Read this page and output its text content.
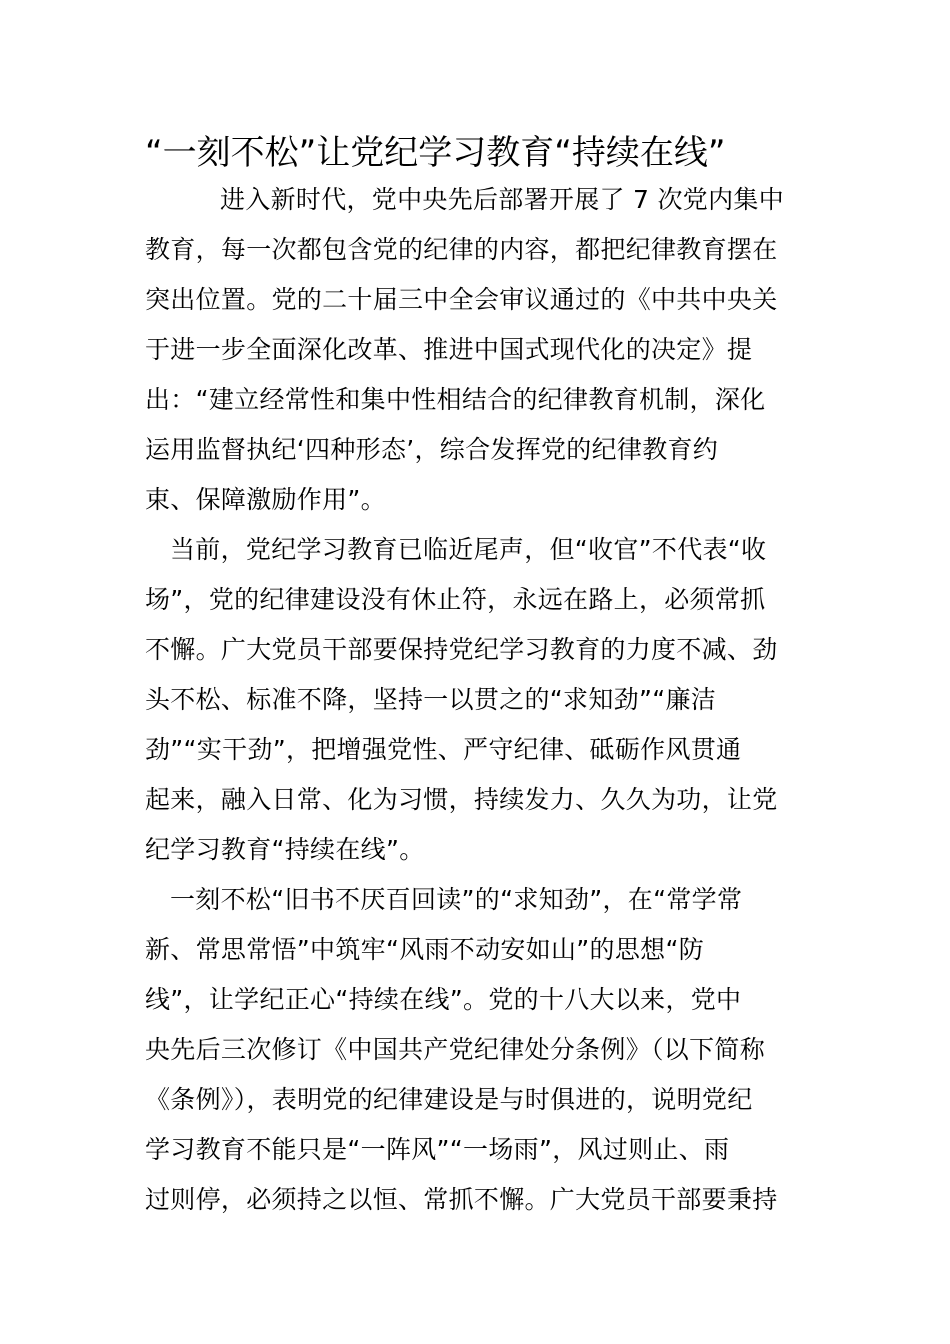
“一刻不松”让党纪学习教育“持续在线”

进入新时代，党中央先后部署开展了 7 次党内集中

教育，每一次都包含党的纪律的内容，都把纪律教育摆在

突出位置。党的二十届三中全会审议通过的《中共中央关

于进一步全面深化改革、推进中国式现代化的决定》提

出：“建立经常性和集中性相结合的纪律教育机制，深化

运用监督执纪‘四种形态’，综合发挥党的纪律教育约

束、保障激励作用”。

当前，党纪学习教育已临近尾声，但“收官”不代表“收

场”，党的纪律建设没有休止符，永远在路上，必须常抓

不懈。广大党员干部要保持党纪学习教育的力度不减、劲

头不松、标准不降，坚持一以贯之的“求知劲”“廉洁

劲”“实干劲”，把增强党性、严守纪律、砥砺作风贯通

起来，融入日常、化为习惯，持续发力、久久为功，让党

纪学习教育“持续在线”。

一刻不松“旧书不厌百回读”的“求知劲”，在“常学常

新、常思常悟”中筑牢“风雨不动安如山”的思想“防

线”，让学纪正心“持续在线”。党的十八大以来，党中

央先后三次修订《中国共产党纪律处分条例》（以下简称

《条例》），表明党的纪律建设是与时俱进的，说明党纪

学习教育不能只是“一阵风”“一场雨”，风过则止、雨

过则停，必须持之以恒、常抓不懈。广大党员干部要秉持
